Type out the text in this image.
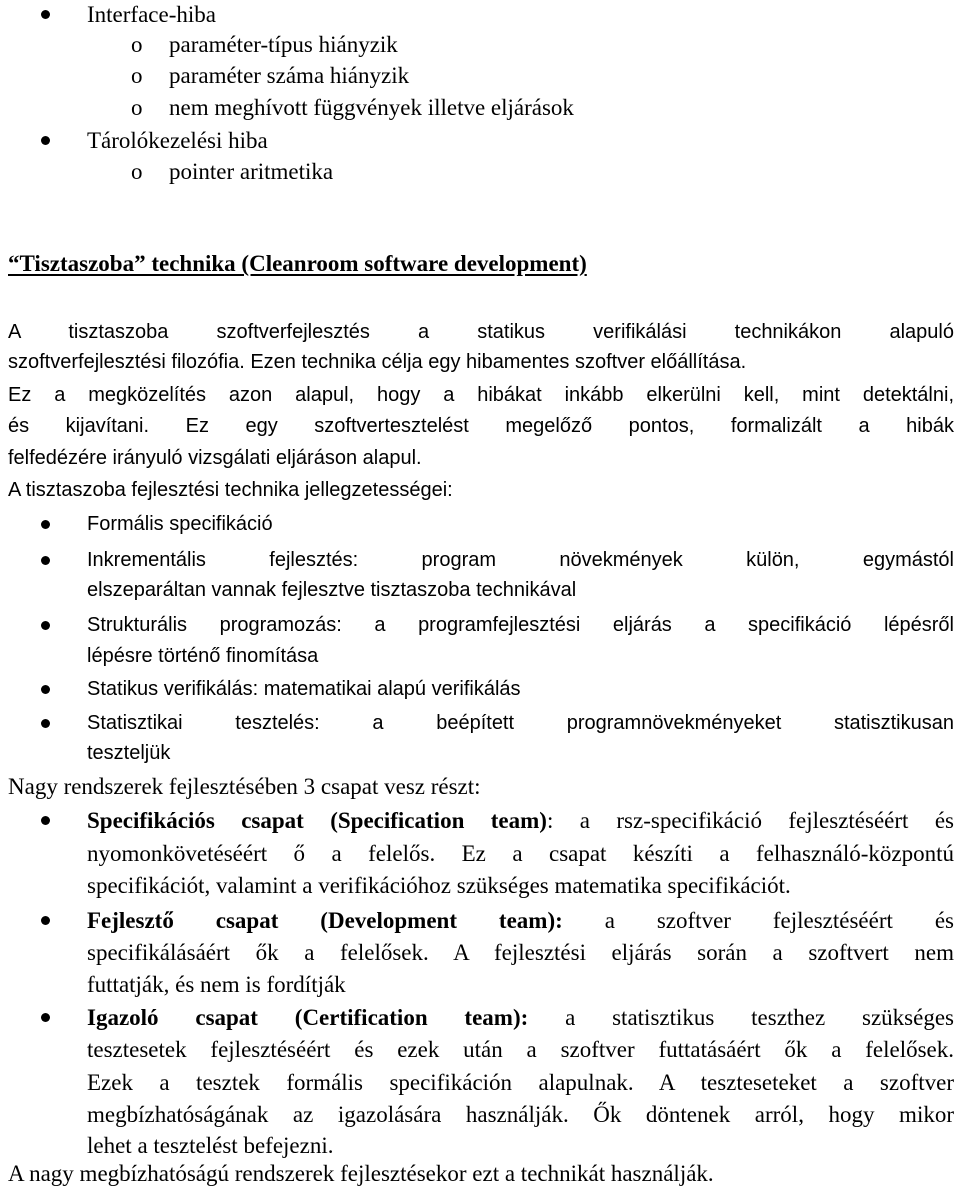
Interface-hiba
o paraméter-típus hiányzik
o paraméter száma hiányzik
o nem meghívott függvények illetve eljárások
Tárolókezelési hiba
o pointer aritmetika
“Tisztaszoba” technika (Cleanroom software development)
A tisztaszoba szoftverfejlesztés a statikus verifikálási technikákon alapuló
szoftverfejlesztési filozófia. Ezen technika célja egy hibamentes szoftver előállítása.
Ez a megközelítés azon alapul, hogy a hibákat inkább elkerülni kell, mint detektálni,
és kijavítani. Ez egy szoftvertesztelést megelőző pontos, formalizált a hibák
felfedézére irányuló vizsgálati eljáráson alapul.
A tisztaszoba fejlesztési technika jellegzetességei:
Formális specifikáció
Inkrementális fejlesztés: program növekmények külön, egymástól
elszeparáltan vannak fejlesztve tisztaszoba technikával
Strukturális programozás: a programfejlesztési eljárás a specifikáció lépésről
lépésre történő finomítása
Statikus verifikálás: matematikai alapú verifikálás
Statisztikai tesztelés: a beépített programnövekményeket statisztikusan
teszteljük
Nagy rendszerek fejlesztésében 3 csapat vesz részt:
Specifikációs csapat (Specification team): a rsz-specifikáció fejlesztéséért és
nyomonkövetéséért ő a felelős. Ez a csapat készíti a felhasználó-központú
specifikációt, valamint a verifikációhoz szükséges matematika specifikációt.
Fejlesztő csapat (Development team): a szoftver fejlesztéséért és
specifikálásáért ők a felelősek. A fejlesztési eljárás során a szoftvert nem
futtatják, és nem is fordítják
Igazoló csapat (Certification team): a statisztikus teszthez szükséges
tesztesetek fejlesztéséért és ezek után a szoftver futtatásáért ők a felelősek.
Ezek a tesztek formális specifikáción alapulnak. A teszteseteket a szoftver
megbízhatóságának az igazolására használják. Ők döntenek arról, hogy mikor
lehet a tesztelést befejezni.
A nagy megbízhatóságú rendszerek fejlesztésekor ezt a technikát használják.
